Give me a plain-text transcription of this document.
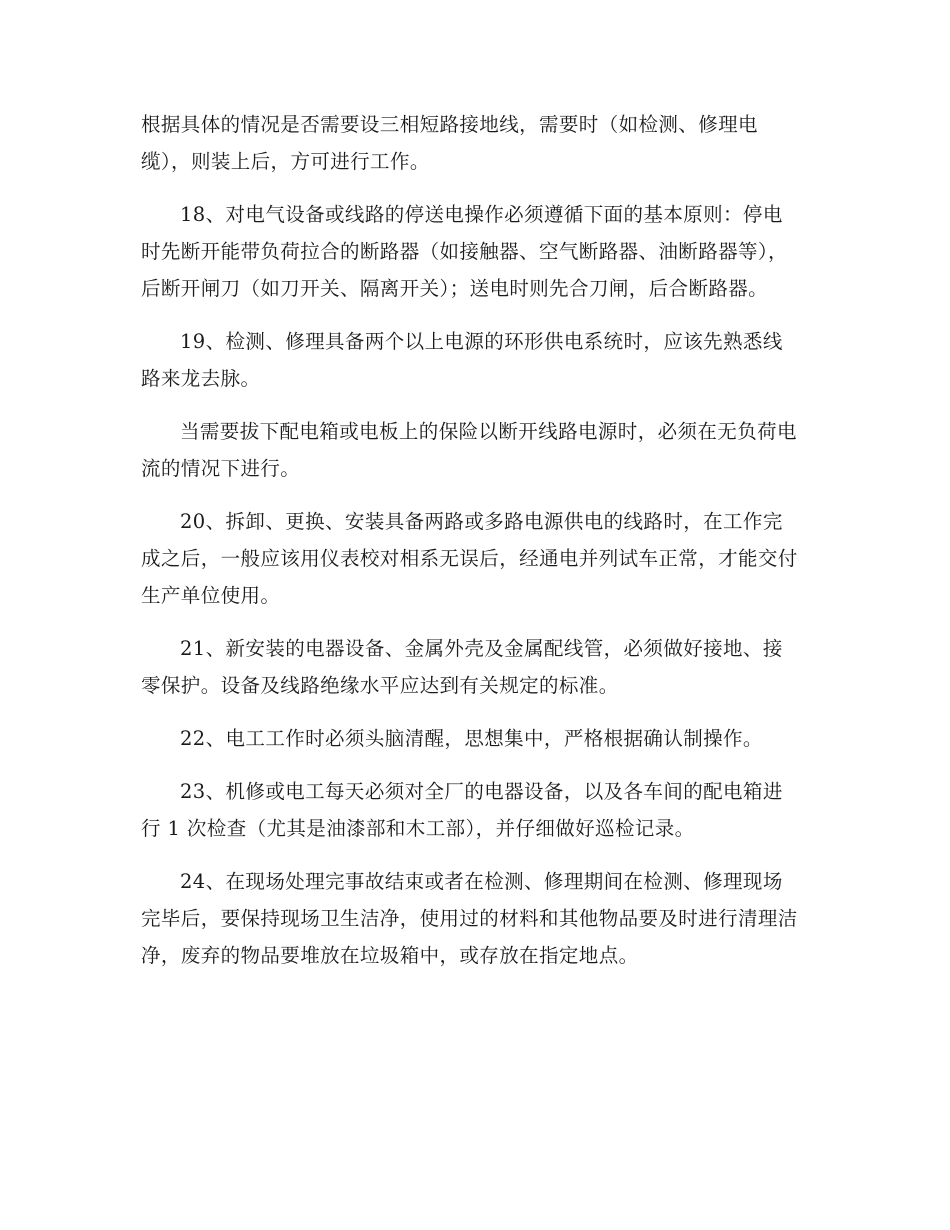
根据具体的情况是否需要设三相短路接地线，需要时（如检测、修理电缆），则装上后，方可进行工作。

18、对电气设备或线路的停送电操作必须遵循下面的基本原则：停电时先断开能带负荷拉合的断路器（如接触器、空气断路器、油断路器等），后断开闸刀（如刀开关、隔离开关）；送电时则先合刀闸，后合断路器。

19、检测、修理具备两个以上电源的环形供电系统时，应该先熟悉线路来龙去脉。

当需要拔下配电箱或电板上的保险以断开线路电源时，必须在无负荷电流的情况下进行。

20、拆卸、更换、安装具备两路或多路电源供电的线路时，在工作完成之后，一般应该用仪表校对相系无误后，经通电并列试车正常，才能交付生产单位使用。

21、新安装的电器设备、金属外壳及金属配线管，必须做好接地、接零保护。设备及线路绝缘水平应达到有关规定的标准。

22、电工工作时必须头脑清醒，思想集中，严格根据确认制操作。

23、机修或电工每天必须对全厂的电器设备，以及各车间的配电箱进行 1 次检查（尤其是油漆部和木工部），并仔细做好巡检记录。

24、在现场处理完事故结束或者在检测、修理期间在检测、修理现场完毕后，要保持现场卫生洁净，使用过的材料和其他物品要及时进行清理洁净，废弃的物品要堆放在垃圾箱中，或存放在指定地点。
